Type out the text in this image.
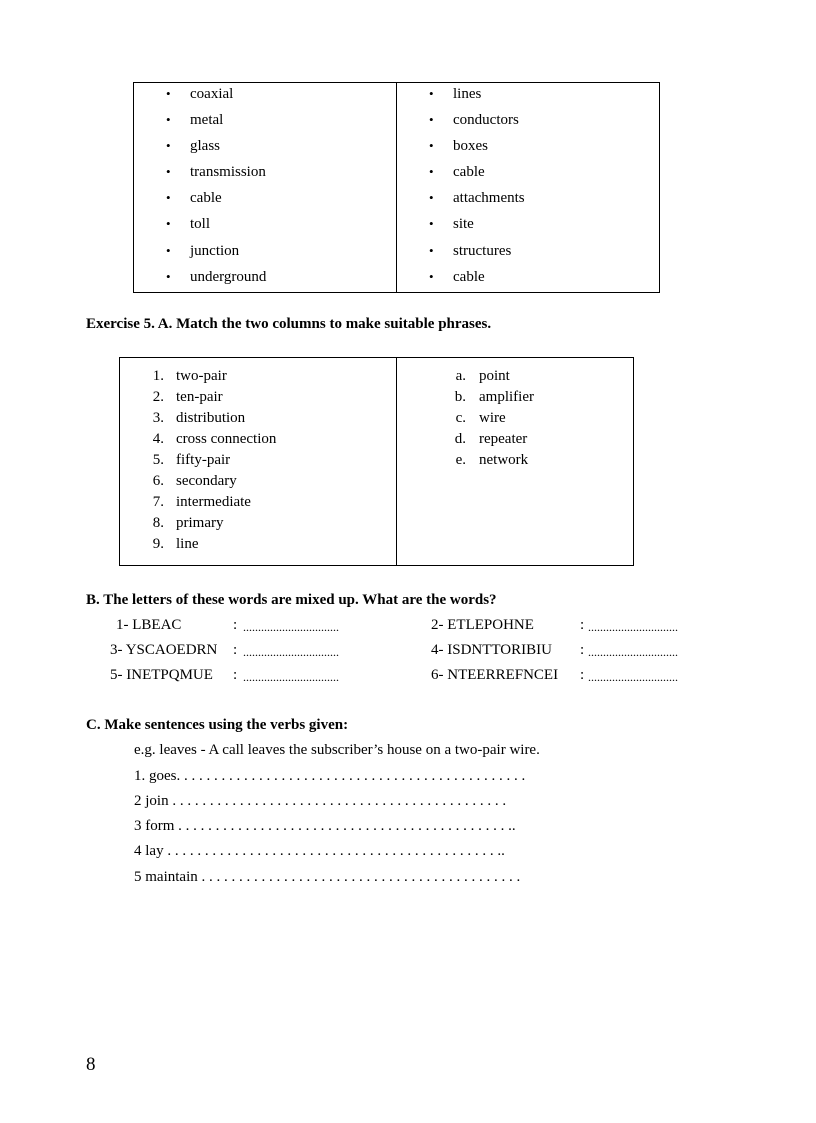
• coaxial
• metal
• glass
• transmission
• cable
• toll
• junction
• underground
• lines
• conductors
• boxes
• cable
• attachments
• site
• structures
• cable
Exercise 5. A. Match the two columns to make suitable phrases.
1. two-pair
2. ten-pair
3. distribution
4. cross connection
5. fifty-pair
6. secondary
7. intermediate
8. primary
9. line
a. point
b. amplifier
c. wire
d. repeater
e. network
B. The letters of these words are mixed up. What are the words?
1- LBEAC	: ................................	2- ETLEPOHNE	: ..............................
3- YSCAOEDRN : ................................	4- ISDNTTORIBIU : ..............................
5- INETPQMUE : ................................	6- NTEERREFNCEI : ..............................
C. Make sentences using the verbs given:
e.g. leaves - A call leaves the subscriber’s house on a two-pair wire.
1. goes. . . . . . . . . . . . . . . . . . . . . . . . . . . . . . . . . . . . . . . . . . . . . . .
2 join . . . . . . . . . . . . . . . . . . . . . . . . . . . . . . . . . . . . . . . . . . . . .
3 form . . . . . . . . . . . . . . . . . . . . . . . . . . . . . . . . . . . . . . . . . . . . ..
4 lay . . . . . . . . . . . . . . . . . . . . . . . . . . . . . . . . . . . . . . . . . . . . ..
5 maintain . . . . . . . . . . . . . . . . . . . . . . . . . . . . . . . . . . . . . . . . . . .
8
